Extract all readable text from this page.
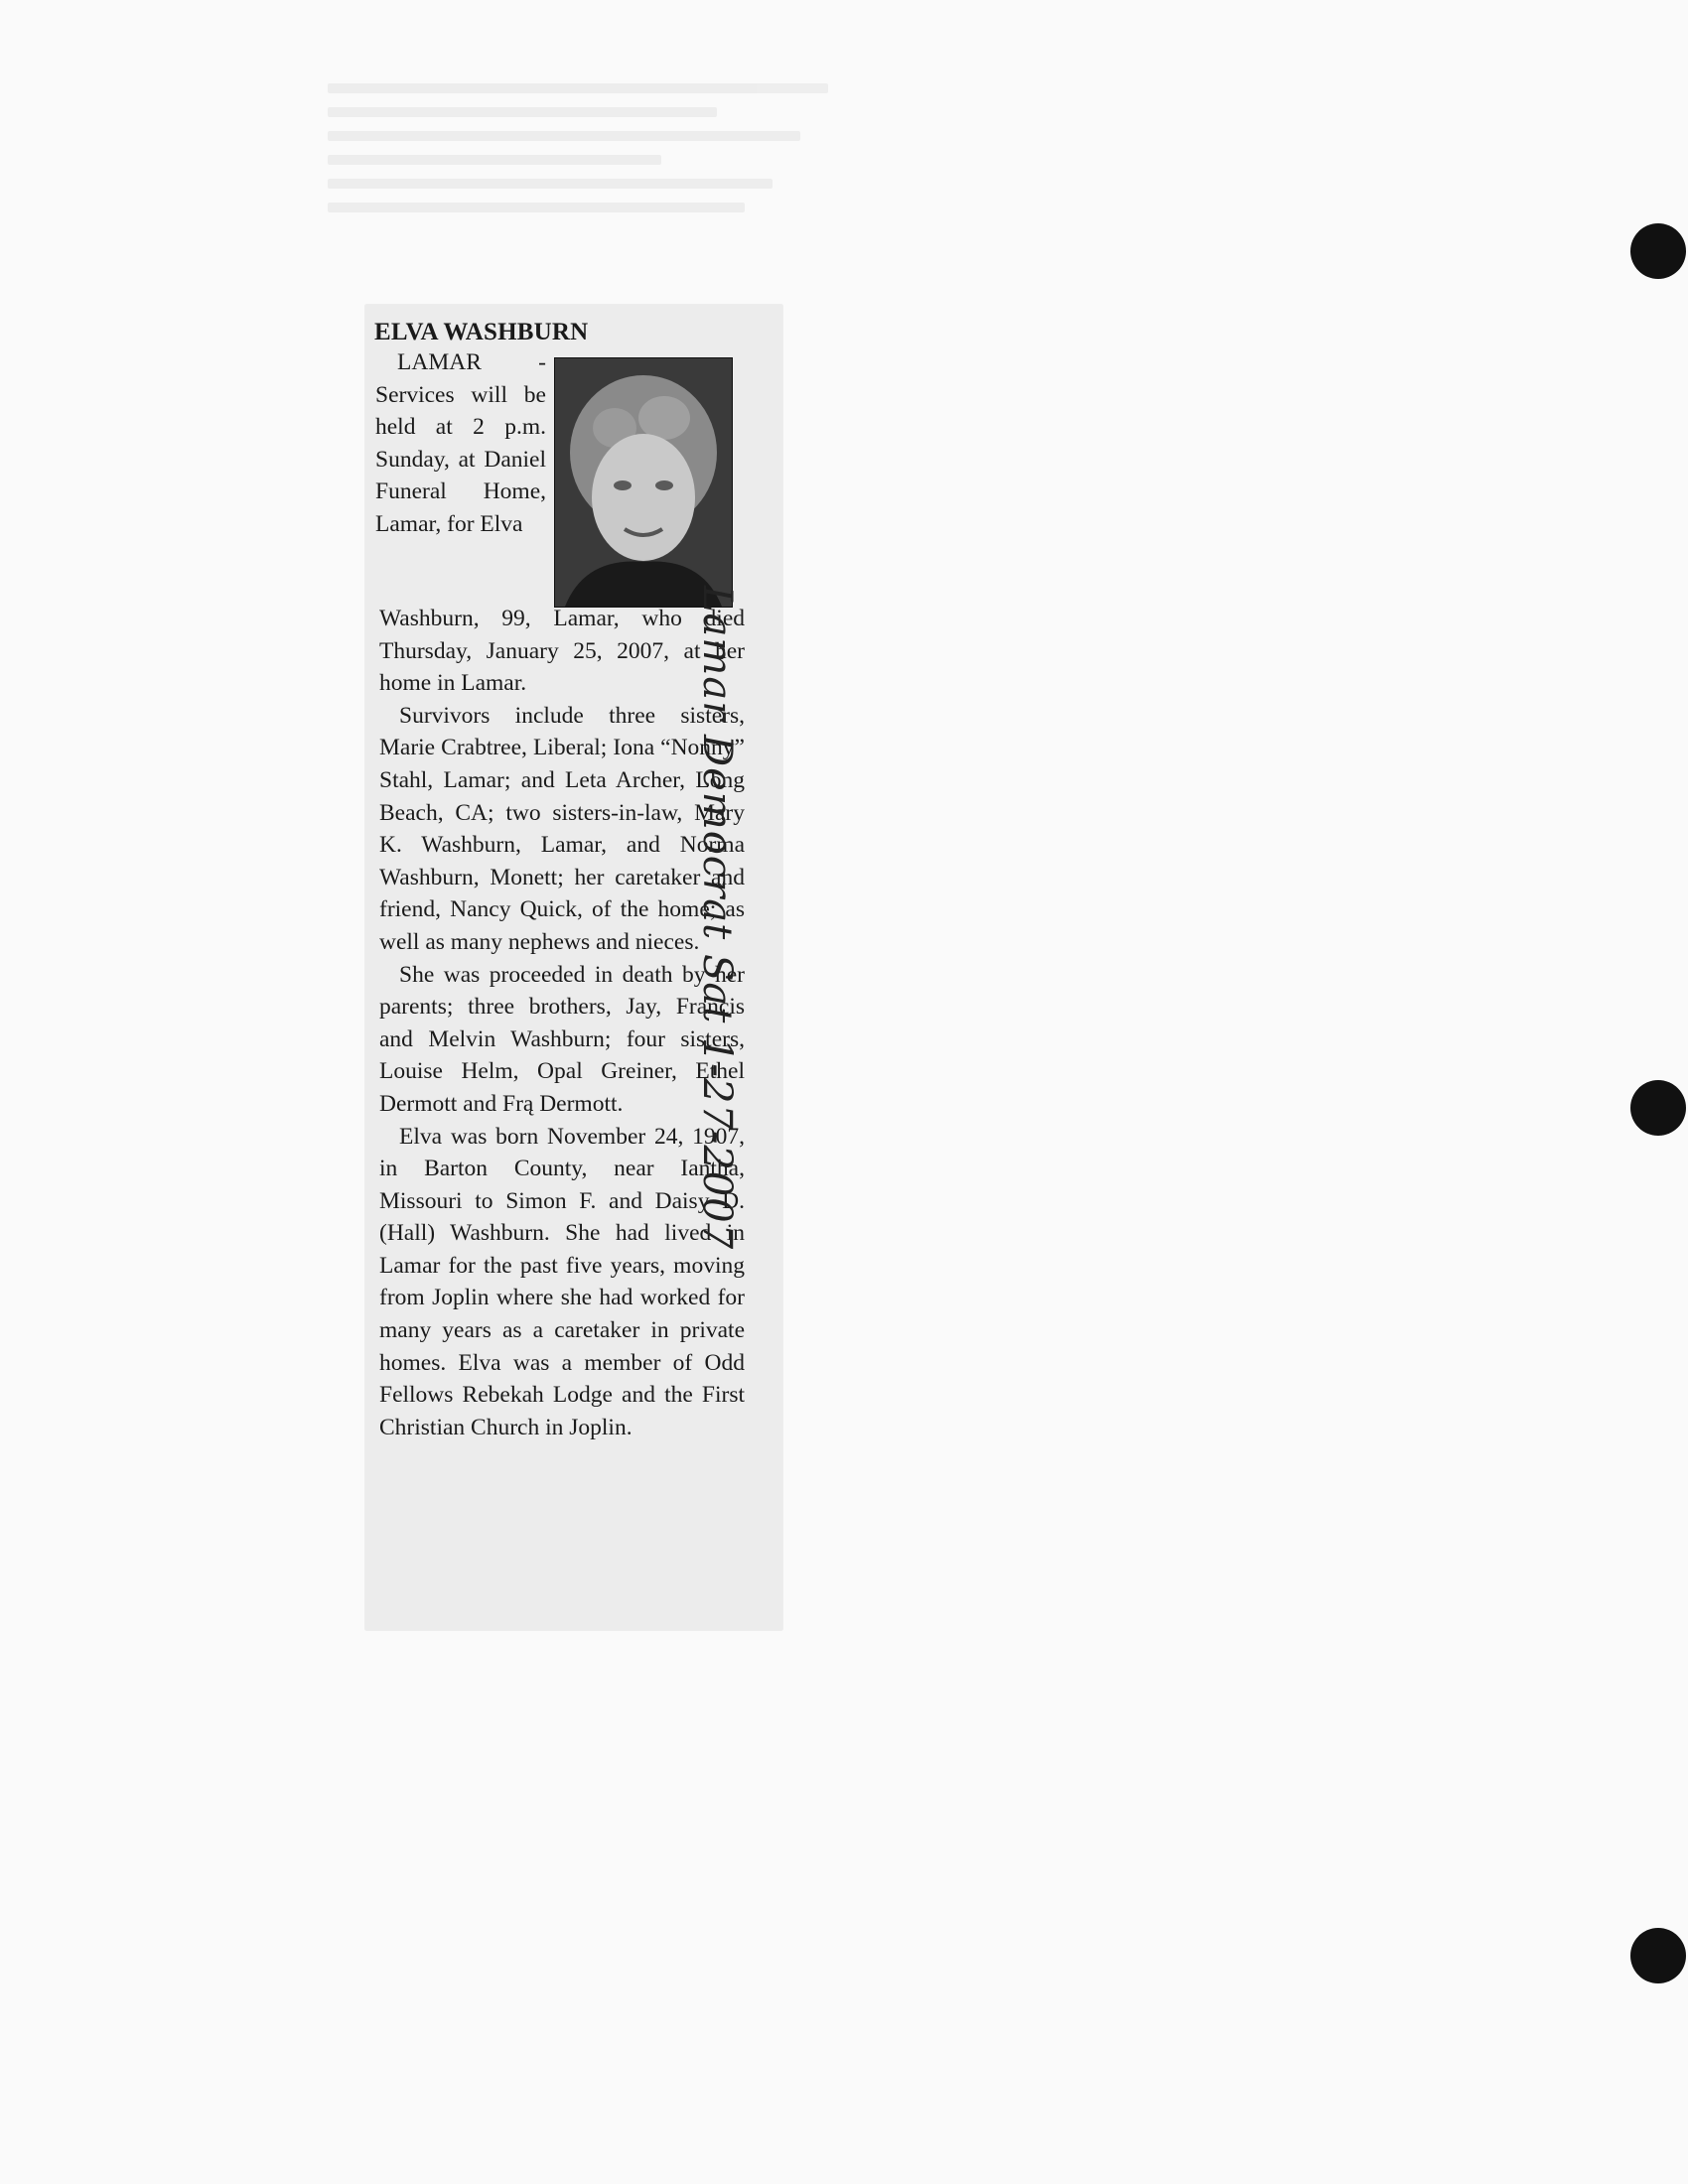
ELVA WASHBURN

LAMAR - Services will be held at 2 p.m. Sunday, at Daniel Funeral Home, Lamar, for Elva

Washburn, 99, Lamar, who died Thursday, January 25, 2007, at her home in Lamar.

Survivors include three sisters, Marie Crabtree, Liberal; Iona “Nonny” Stahl, Lamar; and Leta Archer, Long Beach, CA; two sisters-in-law, Mary K. Washburn, Lamar, and Norma Washburn, Monett; her caretaker and friend, Nancy Quick, of the home; as well as many nephews and nieces.

She was proceeded in death by her parents; three brothers, Jay, Francis and Melvin Washburn; four sisters, Louise Helm, Opal Greiner, Ethel Dermott and Frą Dermott.

Elva was born November 24, 1907, in Barton County, near Iantha, Missouri to Simon F. and Daisy D. (Hall) Washburn. She had lived in Lamar for the past five years, moving from Joplin where she had worked for many years as a caretaker in private homes. Elva was a member of Odd Fellows Rebekah Lodge and the First Christian Church in Joplin.

Lamar Democrat Sat 1-27-2007
